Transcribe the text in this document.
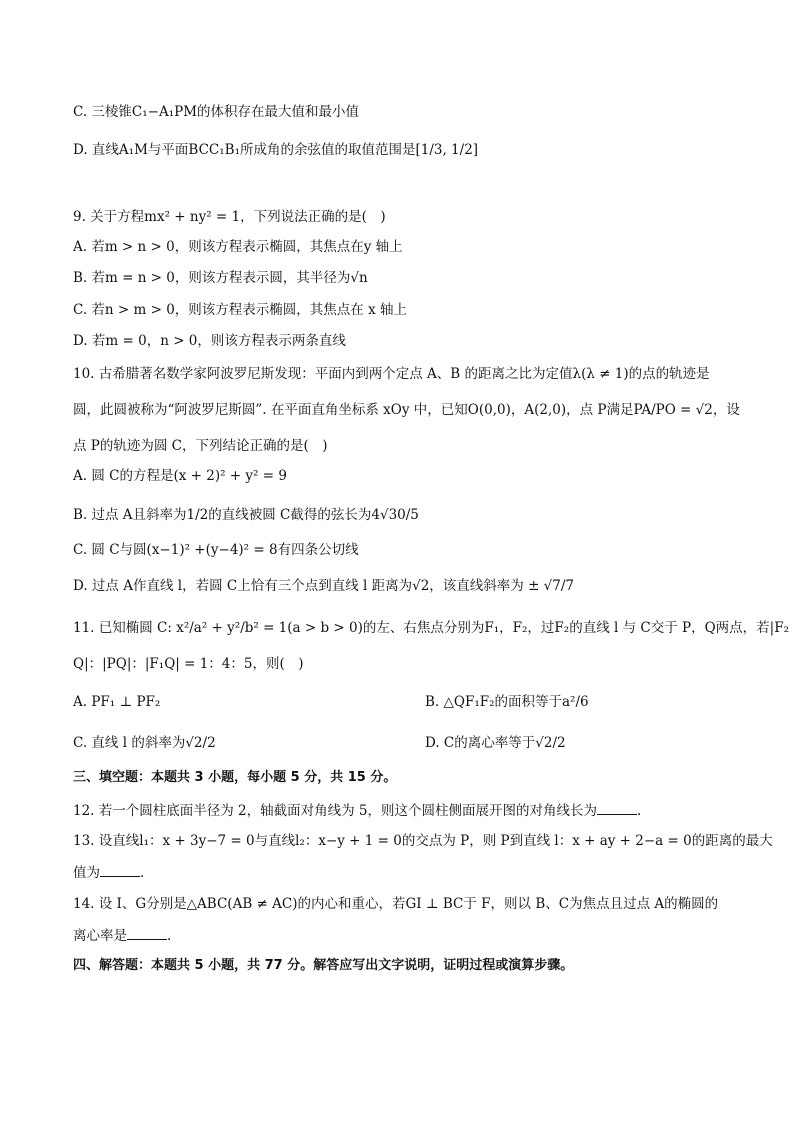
C. 三棱锥C₁−A₁PM的体积存在最大值和最小值
D. 直线A₁M与平面BCC₁B₁所成角的余弦值的取值范围是[1/3, 1/2]
9. 关于方程mx² + ny² = 1，下列说法正确的是(　)
A. 若m > n > 0，则该方程表示椭圆，其焦点在y 轴上
B. 若m = n > 0，则该方程表示圆，其半径为√n
C. 若n > m > 0，则该方程表示椭圆，其焦点在 x 轴上
D. 若m = 0，n > 0，则该方程表示两条直线
10. 古希腊著名数学家阿波罗尼斯发现：平面内到两个定点 A、B 的距离之比为定值λ(λ ≠ 1)的点的轨迹是
圆，此圆被称为“阿波罗尼斯圆”. 在平面直角坐标系 xOy 中，已知O(0,0)，A(2,0)，点 P满足PA/PO = √2，设
点 P的轨迹为圆 C，下列结论正确的是(　)
A. 圆 C的方程是(x + 2)² + y² = 9
B. 过点 A且斜率为1/2的直线被圆 C截得的弦长为4√30/5
C. 圆 C与圆(x−1)² +(y−4)² = 8有四条公切线
D. 过点 A作直线 l，若圆 C上恰有三个点到直线 l 距离为√2，该直线斜率为 ± √7/7
11. 已知椭圆 C: x²/a² + y²/b² = 1(a > b > 0)的左、右焦点分别为F₁，F₂，过F₂的直线 l 与 C交于 P，Q两点，若|F₂
Q|：|PQ|：|F₁Q| = 1：4：5，则(　)
A. PF₁ ⊥ PF₂	B. △QF₁F₂的面积等于a²/6
C. 直线 l 的斜率为√2/2	D. C的离心率等于√2/2
三、填空题：本题共 3 小题，每小题 5 分，共 15 分。
12. 若一个圆柱底面半径为 2，轴截面对角线为 5，则这个圆柱侧面展开图的对角线长为	.
13. 设直线l₁：x + 3y−7 = 0与直线l₂：x−y + 1 = 0的交点为 P，则 P到直线 l：x + ay + 2−a = 0的距离的最大
值为	.
14. 设 I、G分别是△ABC(AB ≠ AC)的内心和重心，若GI ⊥ BC于 F，则以 B、C为焦点且过点 A的椭圆的
离心率是	.
四、解答题：本题共 5 小题，共 77 分。解答应写出文字说明，证明过程或演算步骤。
